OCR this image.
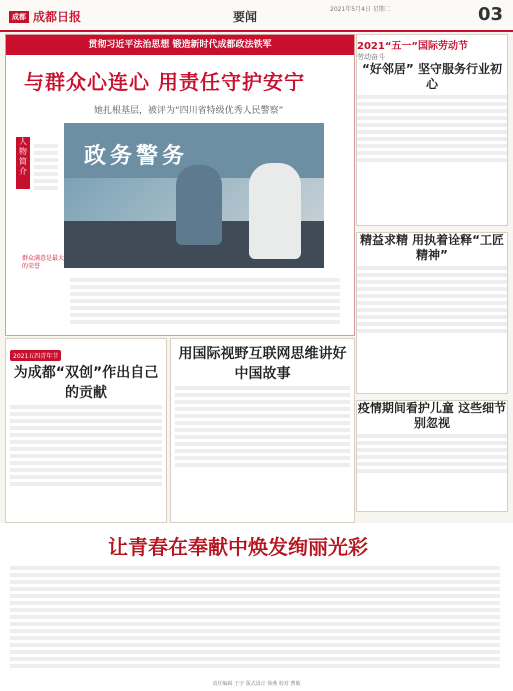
成都 成都日报	要闻
2021年5月4日 星期二	03
贯彻习近平法治思想 锻造新时代成都政法铁军
与群众心连心 用责任守护安宁
她扎根基层，被评为“四川省特级优秀人民警察”
人物简介
政务警务
群众满意是最大的荣誉
2021“五一”国际劳动节
劳动奋斗
“好邻居” 坚守服务行业初心
精益求精 用执着诠释“工匠精神”
疫情期间看护儿童 这些细节别忽视
2021五四青年节
为成都“双创”作出自己的贡献
用国际视野互联网思维讲好中国故事
让青春在奉献中焕发绚丽光彩
责任编辑 王宇 版式设计 徐燕 校对 曹敏
